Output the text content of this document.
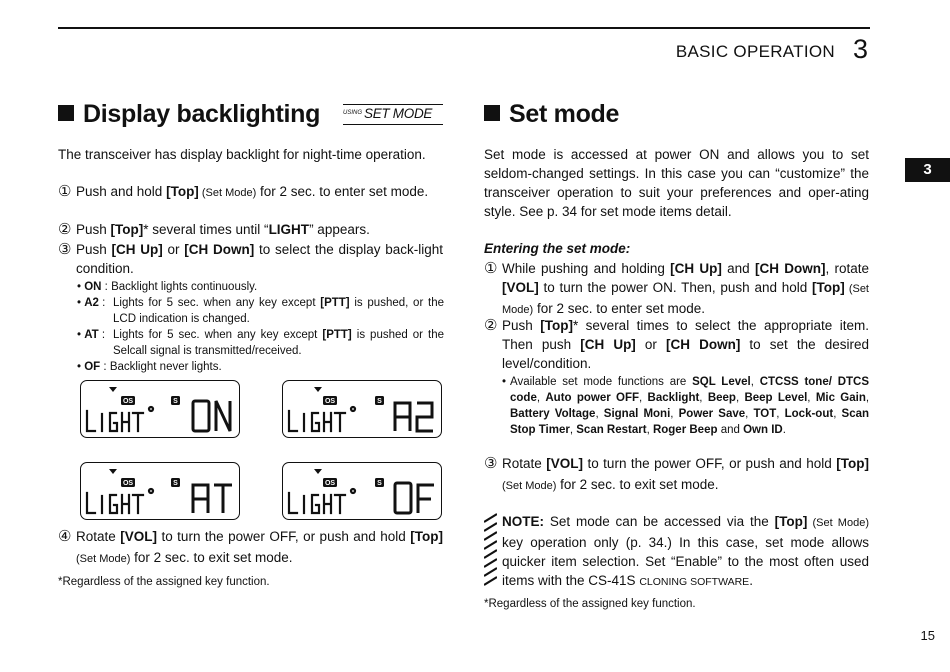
BASIC OPERATION 3
3
Display backlighting	USING SET MODE
The transceiver has display backlight for night-time operation.
① Push and hold [Top] (Set Mode) for 2 sec. to enter set mode.
② Push [Top]* several times until “LIGHT” appears.
③ Push [CH Up] or [CH Down] to select the display back-light condition.
• ON : Backlight lights continuously.
• A2 : Lights for 5 sec. when any key except [PTT] is pushed, or the LCD indication is changed.
• AT : Lights for 5 sec. when any key except [PTT] is pushed or the Selcall signal is transmitted/received.
• OF : Backlight never lights.
OS	S
ON
OS	S
A2
OS	S
AT
OS	S
OF
④ Rotate [VOL] to turn the power OFF, or push and hold [Top] (Set Mode) for 2 sec. to exit set mode.
*Regardless of the assigned key function.
Set mode
Set mode is accessed at power ON and allows you to set seldom-changed settings. In this case you can “customize” the transceiver operation to suit your preferences and oper-ating style. See p. 34 for set mode items detail.
Entering the set mode:
① While pushing and holding [CH Up] and [CH Down], rotate [VOL] to turn the power ON. Then, push and hold [Top] (Set Mode) for 2 sec. to enter set mode.
② Push [Top]* several times to select the appropriate item. Then push [CH Up] or [CH Down] to set the desired level/condition.
• Available set mode functions are SQL Level, CTCSS tone/ DTCS code, Auto power OFF, Backlight, Beep, Beep Level, Mic Gain, Battery Voltage, Signal Moni, Power Save, TOT, Lock-out, Scan Stop Timer, Scan Restart, Roger Beep and Own ID.
③ Rotate [VOL] to turn the power OFF, or push and hold [Top] (Set Mode) for 2 sec. to exit set mode.
NOTE: Set mode can be accessed via the [Top] (Set Mode) key operation only (p. 34.) In this case, set mode allows quicker item selection. Set “Enable” to the most often used items with the CS-41S CLONING SOFTWARE.
*Regardless of the assigned key function.
15
